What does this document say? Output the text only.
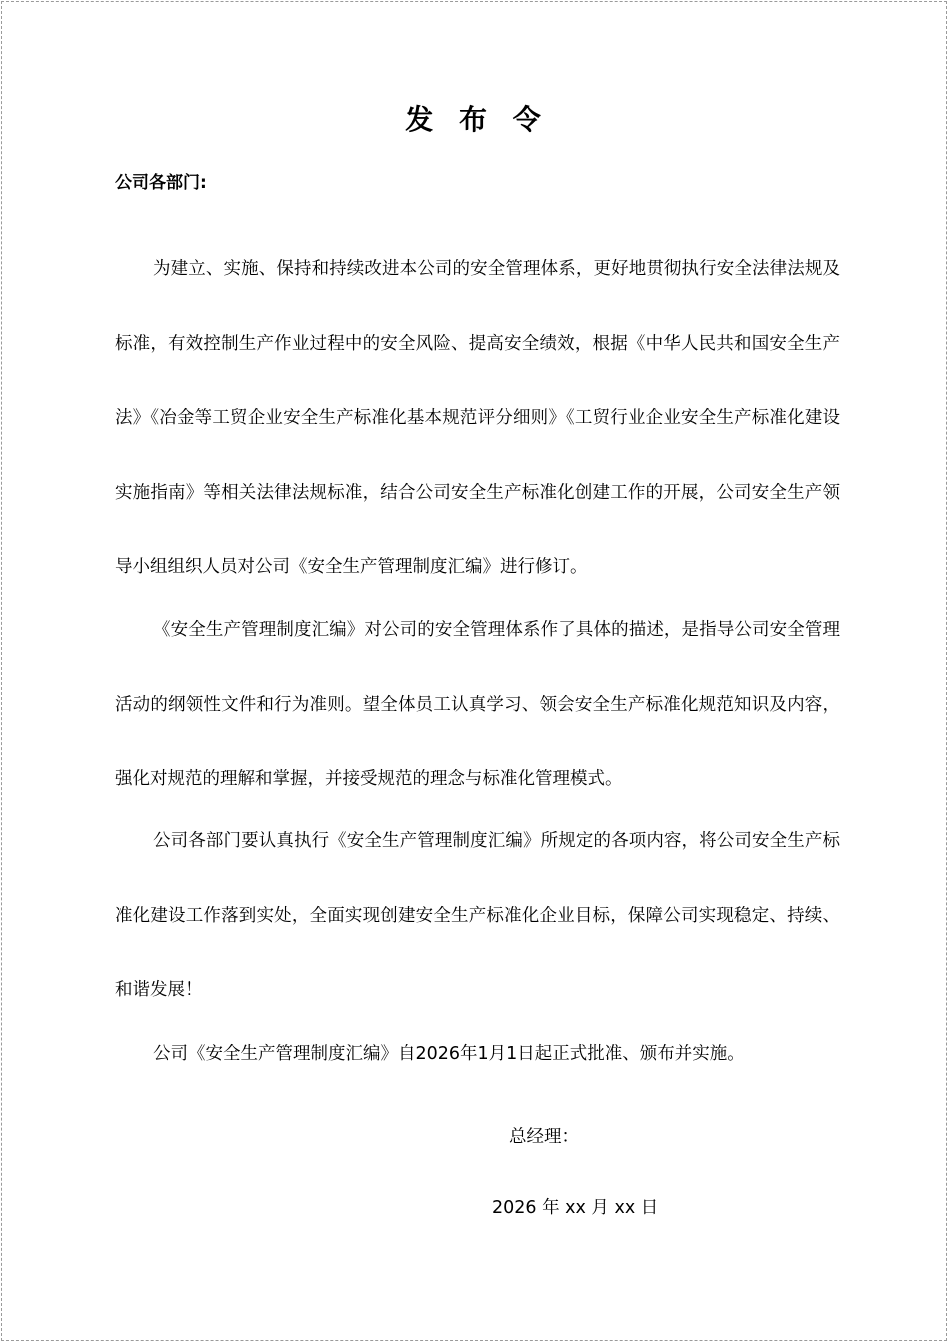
发 布 令
公司各部门:

为建立、实施、保持和持续改进本公司的安全管理体系，更好地贯彻执行安全法律法规及标准，有效控制生产作业过程中的安全风险、提高安全绩效，根据《中华人民共和国安全生产法》《冶金等工贸企业安全生产标准化基本规范评分细则》《工贸行业企业安全生产标准化建设实施指南》等相关法律法规标准，结合公司安全生产标准化创建工作的开展，公司安全生产领导小组组织人员对公司《安全生产管理制度汇编》进行修订。

《安全生产管理制度汇编》对公司的安全管理体系作了具体的描述，是指导公司安全管理活动的纲领性文件和行为准则。望全体员工认真学习、领会安全生产标准化规范知识及内容，强化对规范的理解和掌握，并接受规范的理念与标准化管理模式。

公司各部门要认真执行《安全生产管理制度汇编》所规定的各项内容，将公司安全生产标准化建设工作落到实处，全面实现创建安全生产标准化企业目标，保障公司实现稳定、持续、和谐发展！

公司《安全生产管理制度汇编》自2026年1月1日起正式批准、颁布并实施。

总经理：
2026 年 xx 月 xx 日
